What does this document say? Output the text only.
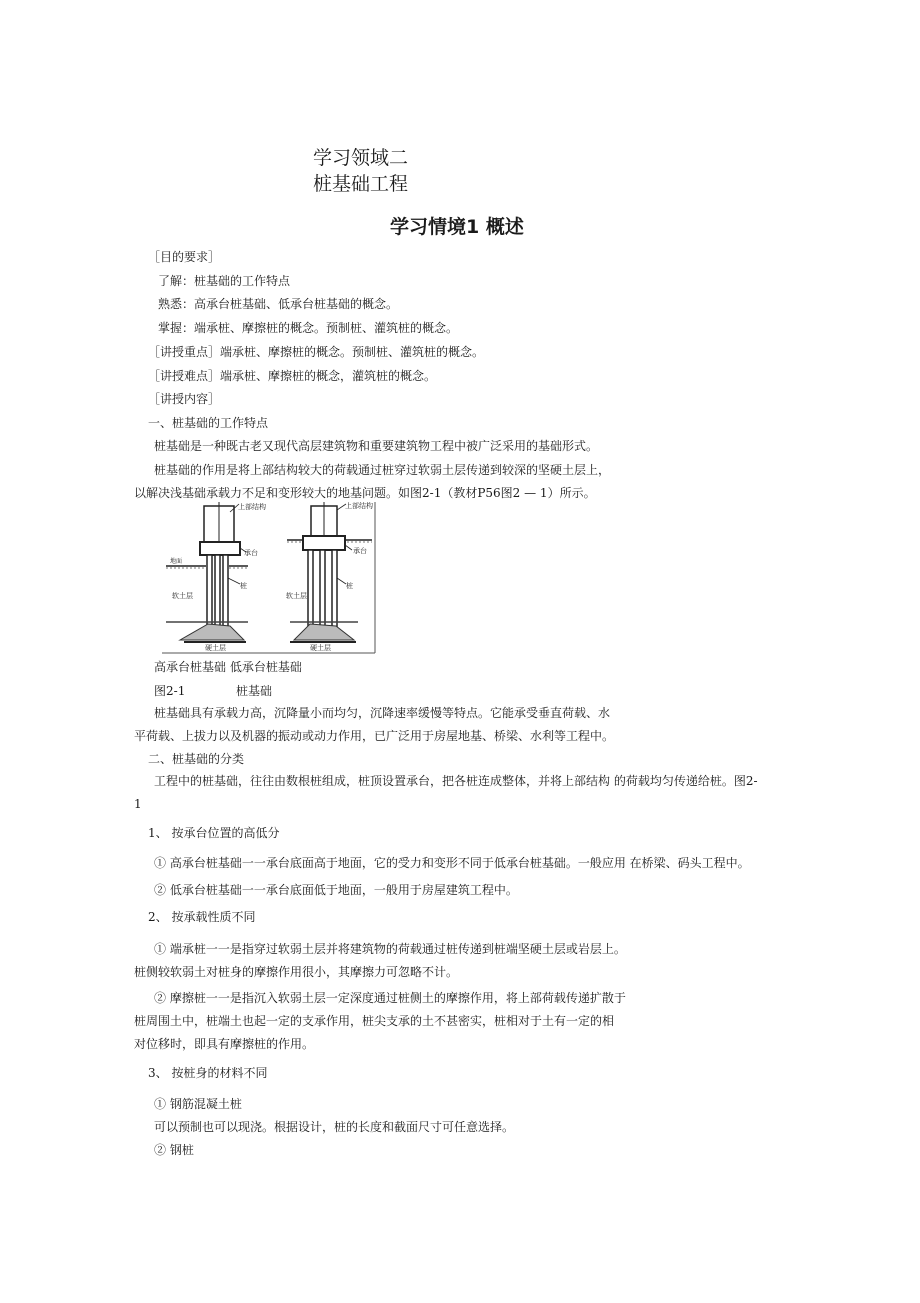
学习领域二
桩基础工程
学习情境1 概述
［目的要求］
了解：桩基础的工作特点
熟悉：高承台桩基础、低承台桩基础的概念。
掌握：端承桩、摩擦桩的概念。预制桩、灌筑桩的概念。
［讲授重点］端承桩、摩擦桩的概念。预制桩、灌筑桩的概念。
［讲授难点］端承桩、摩擦桩的概念，灌筑桩的概念。
［讲授内容］
一、桩基础的工作特点
桩基础是一种既古老又现代高层建筑物和重要建筑物工程中被广泛采用的基础形式。
桩基础的作用是将上部结构较大的荷载通过桩穿过软弱土层传递到较深的坚硬土层上，
以解决浅基础承载力不足和变形较大的地基问题。如图2-1（教材P56图2 — 1）所示。
上部结构
承台
地面
桩
软土层
硬土层
上部结构
承台
桩
软土层
硬土层
高承台桩基础 低承台桩基础
图2-1	桩基础
桩基础具有承载力高，沉降量小而均匀，沉降速率缓慢等特点。它能承受垂直荷载、水
平荷载、上拔力以及机器的振动或动力作用，已广泛用于房屋地基、桥梁、水利等工程中。
二、桩基础的分类
工程中的桩基础，往往由数根桩组成，桩顶设置承台，把各桩连成整体，并将上部结构 的荷载均匀传递给桩。图2-
1
1、 按承台位置的高低分
① 高承台桩基础一一承台底面高于地面，它的受力和变形不同于低承台桩基础。一般应用 在桥梁、码头工程中。
② 低承台桩基础一一承台底面低于地面，一般用于房屋建筑工程中。
2、 按承载性质不同
① 端承桩一一是指穿过软弱土层并将建筑物的荷载通过桩传递到桩端坚硬土层或岩层上。
桩侧较软弱土对桩身的摩擦作用很小，其摩擦力可忽略不计。
② 摩擦桩一一是指沉入软弱土层一定深度通过桩侧土的摩擦作用，将上部荷载传递扩散于
桩周围土中，桩端土也起一定的支承作用，桩尖支承的土不甚密实，桩相对于土有一定的相
对位移时，即具有摩擦桩的作用。
3、 按桩身的材料不同
① 钢筋混凝土桩
可以预制也可以现浇。根据设计，桩的长度和截面尺寸可任意选择。
② 钢桩
